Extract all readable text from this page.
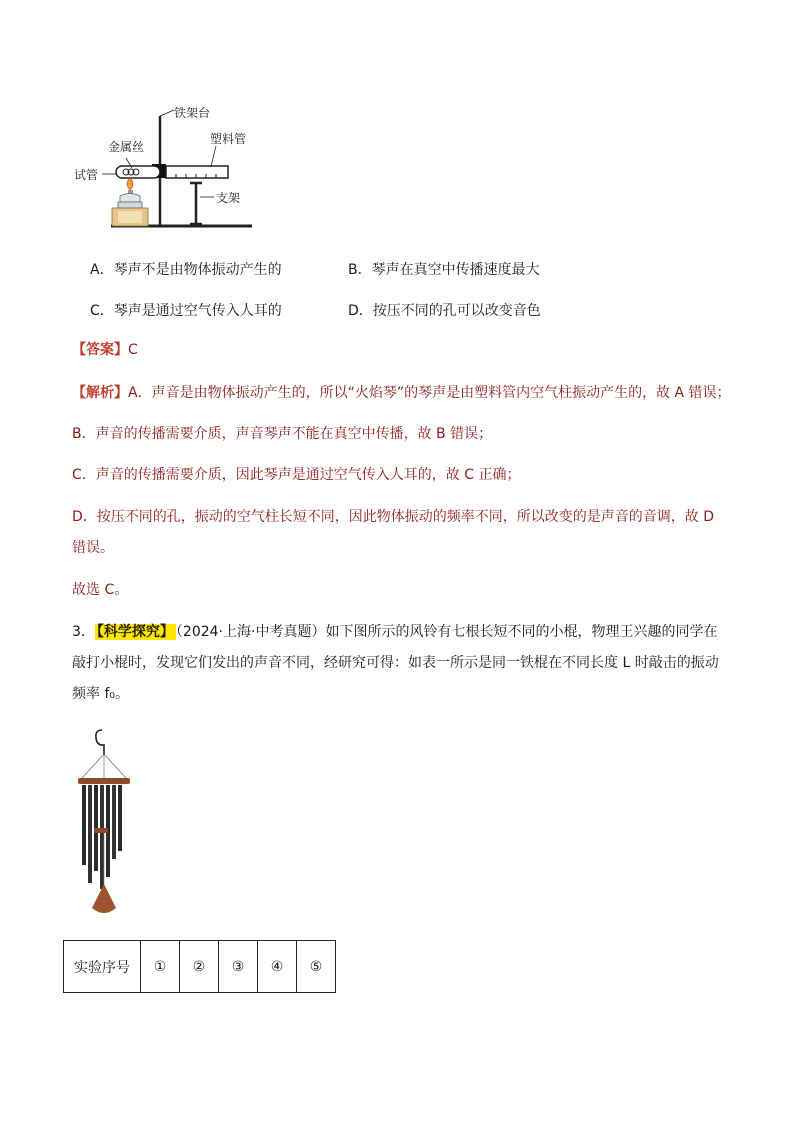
铁架台
金属丝
塑料管
试管
支架
A．琴声不是由物体振动产生的	B．琴声在真空中传播速度最大
C．琴声是通过空气传入人耳的	D．按压不同的孔可以改变音色
【答案】C
【解析】A．声音是由物体振动产生的，所以“火焰琴”的琴声是由塑料管内空气柱振动产生的，故 A 错误；
B．声音的传播需要介质，声音琴声不能在真空中传播，故 B 错误；
C．声音的传播需要介质，因此琴声是通过空气传入人耳的，故 C 正确；
D．按压不同的孔，振动的空气柱长短不同，因此物体振动的频率不同，所以改变的是声音的音调，故 D
错误。
故选 C。
3． 【科学探究】 （2024·上海·中考真题）如下图所示的风铃有七根长短不同的小棍，物理王兴趣的同学在
敲打小棍时，发现它们发出的声音不同，经研究可得：如表一所示是同一铁棍在不同长度 L 时敲击的振动
频率 f₀。
实验序号	①	②	③	④	⑤
